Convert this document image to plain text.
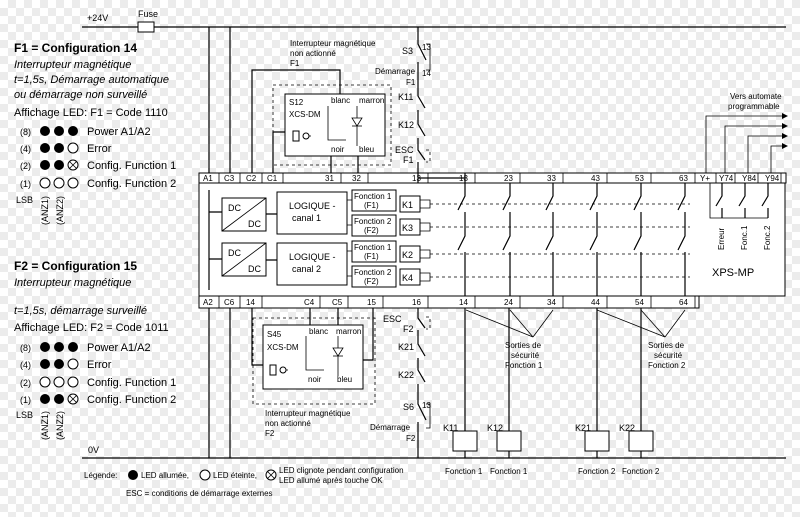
+24V	Fuse
0V
F1 = Configuration 14
Interrupteur magnétique
t=1,5s, Démarrage automatique
ou démarrage non surveillé
Affichage LED: F1 = Code 1110
(8)	Power A1/A2
(4)	Error
(2)	Config. Function 1
(1)	Config. Function 2
LSB (ANZ1) (ANZ2)
F2 = Configuration 15
Interrupteur magnétique
t=1,5s, démarrage surveillé
Affichage LED: F2 = Code 1011
(8)	Power A1/A2
(4)	Error
(2)	Config. Function 1
(1)	Config. Function 2
LSB (ANZ1) (ANZ2)
Interrupteur magnétique
non actionné
F1
S12
XCS-DM
blanc marron
noir bleu
S3 13
14
Démarrage
F1
K11
K12
ESC
F1
A1 C3 C2 C1	31 32	13	13	23	33	43	53	63 Y+ Y74 Y84 Y94
A2 C6 14	C4 C5	15	16	14	24	34	44	54	64
DC
DC
DC
DC
LOGIQUE -
canal 1
LOGIQUE -
canal 2
Fonction 1
(F1)
Fonction 2
(F2)
Fonction 1
(F1)
Fonction 2
(F2)
K1
K3
K2
K4
Erreur Fonc.1 Fonc.2
XPS-MP
Vers automate
programmable
S45
XCS-DM
blanc marron
noir bleu
Interrupteur magnétique
non actionné
F2
ESC
F2
K21
K22
S6 13
Démarrage
F2
Sorties de
sécurité
Fonction 1
Sorties de
sécurité
Fonction 2
K11	K12	K21	K22
Fonction 1 Fonction 1	Fonction 2 Fonction 2
Légende:	LED allumée,	LED éteinte,
LED clignote pendant configuration
LED allumé après touche OK
ESC = conditions de démarrage externes
